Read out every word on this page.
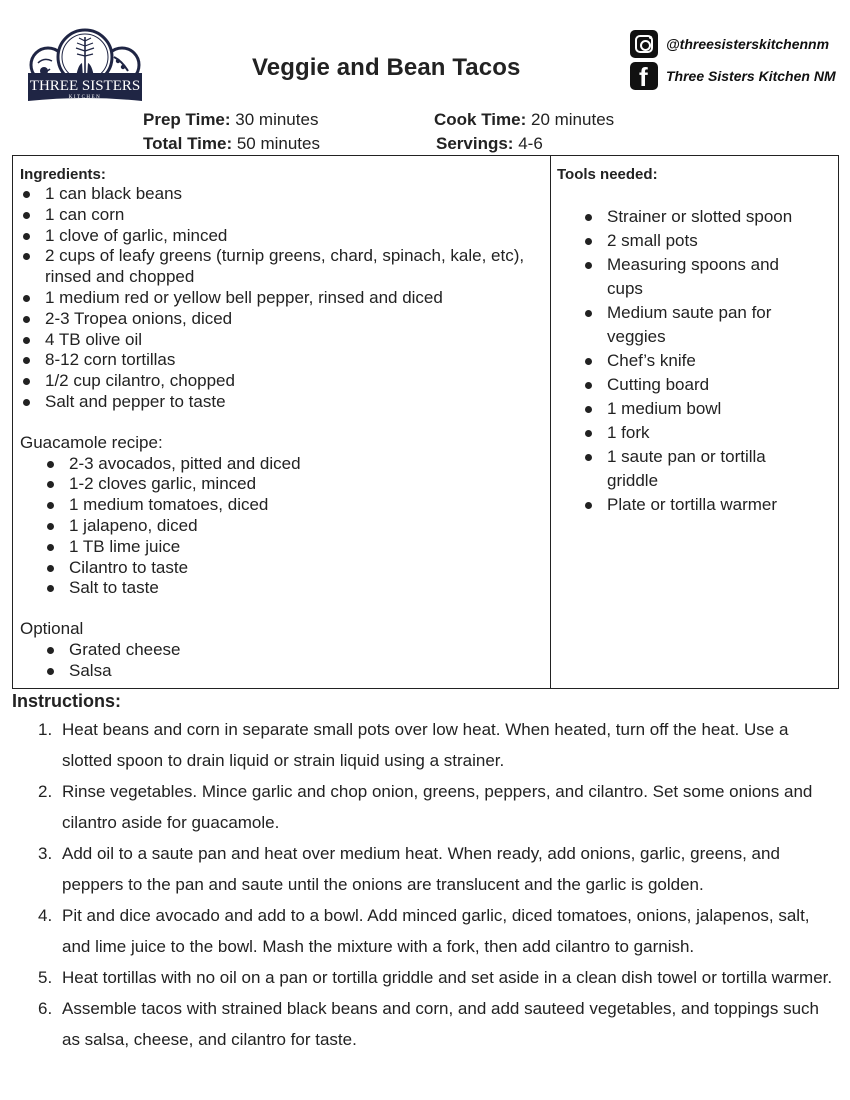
THREE SISTERS
KITCHEN
Veggie and Bean Tacos
@threesisterskitchennm
f Three Sisters Kitchen NM
Prep Time: 30 minutes	Cook Time: 20 minutes
Total Time: 50 minutes	Servings: 4-6
Ingredients:
1 can black beans
1 can corn
1 clove of garlic, minced
2 cups of leafy greens (turnip greens, chard, spinach, kale, etc), rinsed and chopped
1 medium red or yellow bell pepper, rinsed and diced
2-3 Tropea onions, diced
4 TB olive oil
8-12 corn tortillas
1/2 cup cilantro, chopped
Salt and pepper to taste
Guacamole recipe:
2-3 avocados, pitted and diced
1-2 cloves garlic, minced
1 medium tomatoes, diced
1 jalapeno, diced
1 TB lime juice
Cilantro to taste
Salt to taste
Optional
Grated cheese
Salsa
Tools needed:
Strainer or slotted spoon
2 small pots
Measuring spoons and cups
Medium saute pan for veggies
Chef’s knife
Cutting board
1 medium bowl
1 fork
1 saute pan or tortilla griddle
Plate or tortilla warmer
Instructions:
1. Heat beans and corn in separate small pots over low heat. When heated, turn off the heat. Use a slotted spoon to drain liquid or strain liquid using a strainer.
2. Rinse vegetables. Mince garlic and chop onion, greens, peppers, and cilantro. Set some onions and cilantro aside for guacamole.
3. Add oil to a saute pan and heat over medium heat. When ready, add onions, garlic, greens, and peppers to the pan and saute until the onions are translucent and the garlic is golden.
4. Pit and dice avocado and add to a bowl. Add minced garlic, diced tomatoes, onions, jalapenos, salt, and lime juice to the bowl. Mash the mixture with a fork, then add cilantro to garnish.
5. Heat tortillas with no oil on a pan or tortilla griddle and set aside in a clean dish towel or tortilla warmer.
6. Assemble tacos with strained black beans and corn, and add sauteed vegetables, and toppings such as salsa, cheese, and cilantro for taste.
